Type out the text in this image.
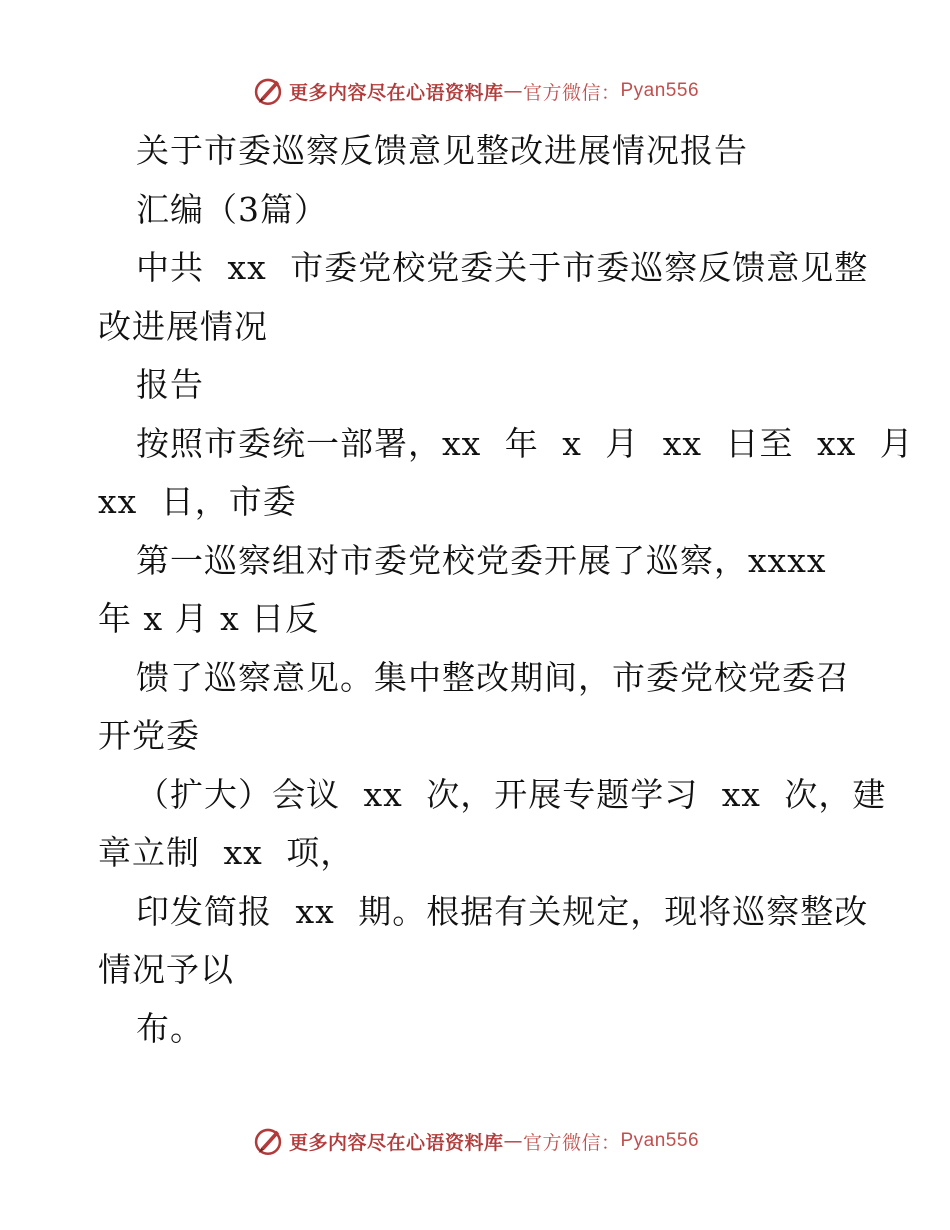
更多内容尽在心语资料库 — 官方微信： Pyan556
关于市委巡察反馈意见整改进展情况报告
汇编（3篇）
中共 xx 市委党校党委关于市委巡察反馈意见整
改进展情况
报告
按照市委统一部署，xx 年 x 月 xx 日至 xx 月
xx 日，市委
第一巡察组对市委党校党委开展了巡察，xxxx
年 x 月 x 日反
馈了巡察意见。集中整改期间，市委党校党委召
开党委
（扩大）会议 xx 次，开展专题学习 xx 次，建
章立制 xx 项，
印发简报 xx 期。根据有关规定，现将巡察整改
情况予以
布。
更多内容尽在心语资料库 — 官方微信： Pyan556
